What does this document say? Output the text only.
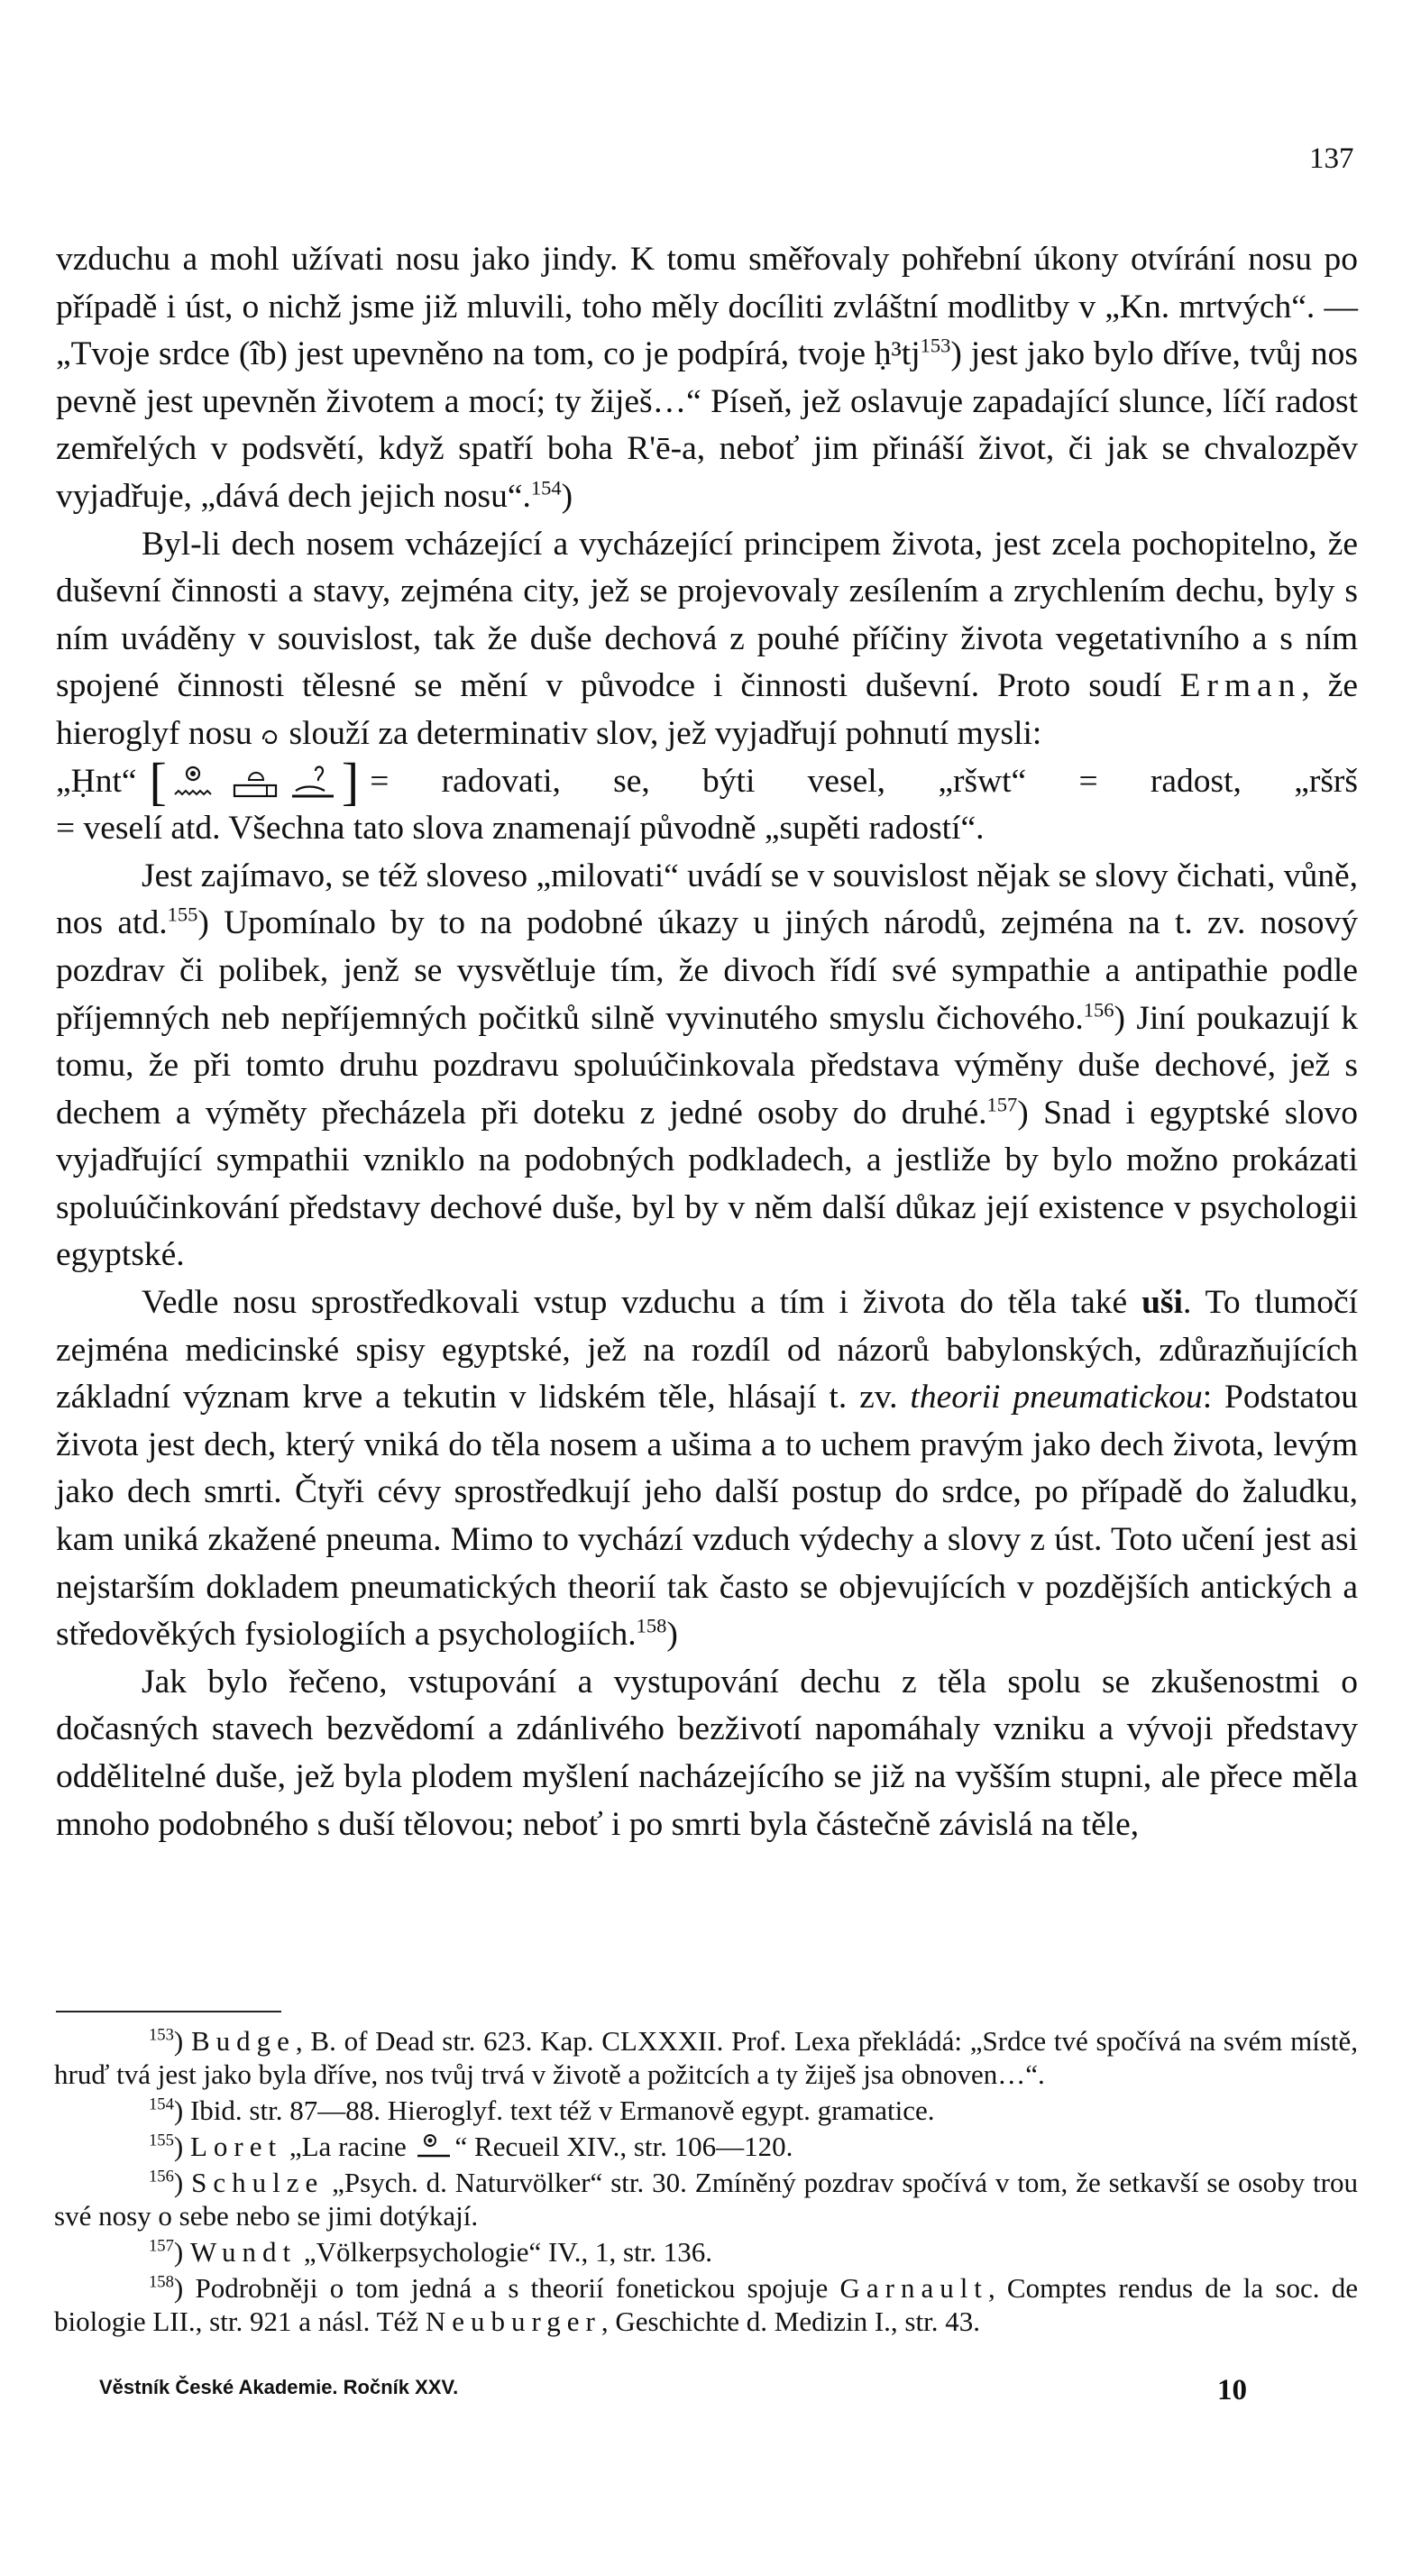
137

vzduchu a mohl užívati nosu jako jindy. K tomu směřovaly pohřební úkony otvírání nosu po případě i úst, o nichž jsme již mluvili, toho měly docíliti zvláštní modlitby v „Kn. mrtvých“. — „Tvoje srdce (îb) jest upevněno na tom, co je podpírá, tvoje $ḥ^3tj^{153}$) jest jako bylo dříve, tvůj nos pevně jest upevněn životem a mocí; ty žiješ…“ Píseň, jež oslavuje zapadající slunce, líčí radost zemřelých v podsvětí, když spatří boha R'ē-a, neboť jim přináší život, či jak se chvalozpěv vyjadřuje, „dává dech jejich nosu“.$^{154}$)

Byl-li dech nosem vcházející a vycházející principem života, jest zcela pochopitelno, že duševní činnosti a stavy, zejména city, jež se projevovaly zesílením a zrychlením dechu, byly s ním uváděny v souvislost, tak že duše dechová z pouhé příčiny života vegetativního a s ním spojené činnosti tělesné se mění v původce i činnosti duševní. Proto soudí Erman, že hieroglyf nosu slouží za determinativ slov, jež vyjadřují pohnutí mysli:

„Ḥnt“ [	] = radovati, se, býti vesel, „ršwt“ = radost, „ršrš
= veselí atd. Všechna tato slova znamenají původně „supěti radostí“.

Jest zajímavo, se též sloveso „milovati“ uvádí se v souvislost nějak se slovy čichati, vůně, nos atd.$^{155}$) Upomínalo by to na podobné úkazy u jiných národů, zejména na t. zv. nosový pozdrav či polibek, jenž se vysvětluje tím, že divoch řídí své sympathie a antipathie podle příjemných neb nepříjemných počitků silně vyvinutého smyslu čichového.$^{156}$) Jiní poukazují k tomu, že při tomto druhu pozdravu spoluúčinkovala představa výměny duše dechové, jež s dechem a výměty přecházela při doteku z jedné osoby do druhé.$^{157}$) Snad i egyptské slovo vyjadřující sympathii vzniklo na podobných podkladech, a jestliže by bylo možno prokázati spoluúčinkování představy dechové duše, byl by v něm další důkaz její existence v psychologii egyptské.

Vedle nosu sprostředkovali vstup vzduchu a tím i života do těla také uši. To tlumočí zejména medicinské spisy egyptské, jež na rozdíl od názorů babylonských, zdůrazňujících základní význam krve a tekutin v lidském těle, hlásají t. zv. theorii pneumatickou: Podstatou života jest dech, který vniká do těla nosem a ušima a to uchem pravým jako dech života, levým jako dech smrti. Čtyři cévy sprostředkují jeho další postup do srdce, po případě do žaludku, kam uniká zkažené pneuma. Mimo to vychází vzduch výdechy a slovy z úst. Toto učení jest asi nejstarším dokladem pneumatických theorií tak často se objevujících v pozdějších antických a středověkých fysiologiích a psychologiích.$^{158}$)

Jak bylo řečeno, vstupování a vystupování dechu z těla spolu se zkušenostmi o dočasných stavech bezvědomí a zdánlivého bezživotí napomáhaly vzniku a vývoji představy oddělitelné duše, jež byla plodem myšlení nacházejícího se již na vyšším stupni, ale přece měla mnoho podobného s duší tělovou; neboť i po smrti byla částečně závislá na těle,

$^{153}$) Budge, B. of Dead str. 623. Kap. CLXXXII. Prof. Lexa překládá: „Srdce tvé spočívá na svém místě, hruď tvá jest jako byla dříve, nos tvůj trvá v životě a požitcích a ty žiješ jsa obnoven…“.

$^{154}$) Ibid. str. 87—88. Hieroglyf. text též v Ermanově egypt. gramatice.

$^{155}$) Loret „La racine “ Recueil XIV., str. 106—120.

$^{156}$) Schulze „Psych. d. Naturvölker“ str. 30. Zmíněný pozdrav spočívá v tom, že setkavší se osoby trou své nosy o sebe nebo se jimi dotýkají.

$^{157}$) Wundt „Völkerpsychologie“ IV., 1, str. 136.

$^{158}$) Podrobněji o tom jedná a s theorií fonetickou spojuje Garnault, Comptes rendus de la soc. de biologie LII., str. 921 a násl. Též Neuburger, Geschichte d. Medizin I., str. 43.

Věstník České Akademie. Ročník XXV.	10
